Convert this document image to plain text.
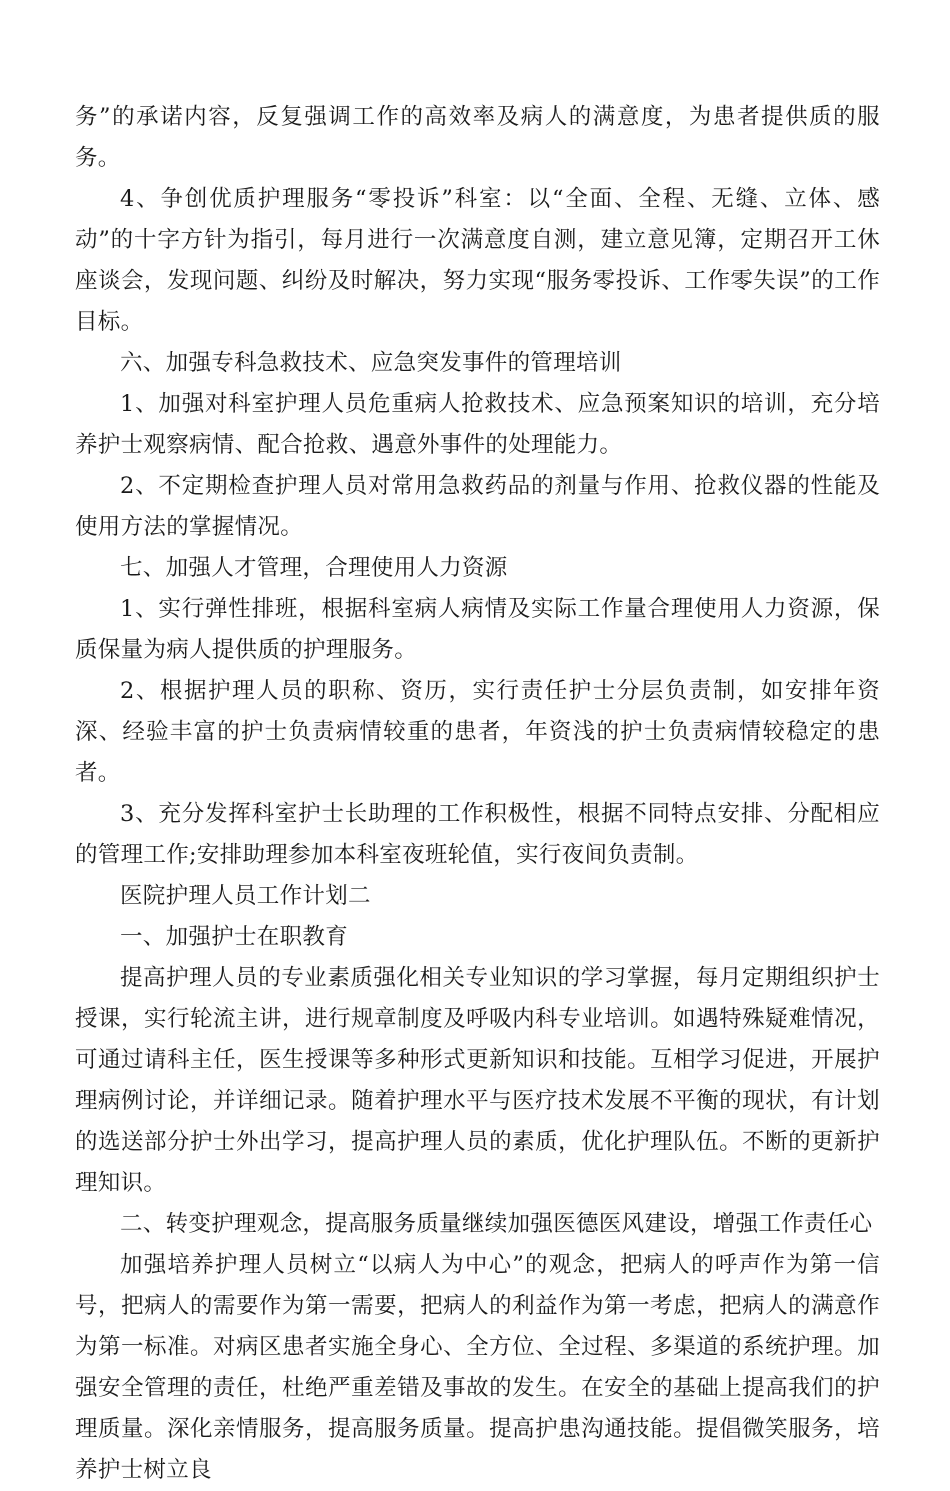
务”的承诺内容，反复强调工作的高效率及病人的满意度，为患者提供质的服务。

4、争创优质护理服务“零投诉”科室：以“全面、全程、无缝、立体、感动”的十字方针为指引，每月进行一次满意度自测，建立意见簿，定期召开工休座谈会，发现问题、纠纷及时解决，努力实现“服务零投诉、工作零失误”的工作目标。

六、加强专科急救技术、应急突发事件的管理培训

1、加强对科室护理人员危重病人抢救技术、应急预案知识的培训，充分培养护士观察病情、配合抢救、遇意外事件的处理能力。

2、不定期检查护理人员对常用急救药品的剂量与作用、抢救仪器的性能及使用方法的掌握情况。

七、加强人才管理，合理使用人力资源

1、实行弹性排班，根据科室病人病情及实际工作量合理使用人力资源，保质保量为病人提供质的护理服务。

2、根据护理人员的职称、资历，实行责任护士分层负责制，如安排年资深、经验丰富的护士负责病情较重的患者，年资浅的护士负责病情较稳定的患者。

3、充分发挥科室护士长助理的工作积极性，根据不同特点安排、分配相应的管理工作;安排助理参加本科室夜班轮值，实行夜间负责制。

医院护理人员工作计划二

一、加强护士在职教育

提高护理人员的专业素质强化相关专业知识的学习掌握，每月定期组织护士授课，实行轮流主讲，进行规章制度及呼吸内科专业培训。如遇特殊疑难情况，可通过请科主任，医生授课等多种形式更新知识和技能。互相学习促进，开展护理病例讨论，并详细记录。随着护理水平与医疗技术发展不平衡的现状，有计划的选送部分护士外出学习，提高护理人员的素质，优化护理队伍。不断的更新护理知识。

二、转变护理观念，提高服务质量继续加强医德医风建设，增强工作责任心

加强培养护理人员树立“以病人为中心”的观念，把病人的呼声作为第一信号，把病人的需要作为第一需要，把病人的利益作为第一考虑，把病人的满意作为第一标准。对病区患者实施全身心、全方位、全过程、多渠道的系统护理。加强安全管理的责任，杜绝严重差错及事故的发生。在安全的基础上提高我们的护理质量。深化亲情服务，提高服务质量。提高护患沟通技能。提倡微笑服务，培养护士树立良
